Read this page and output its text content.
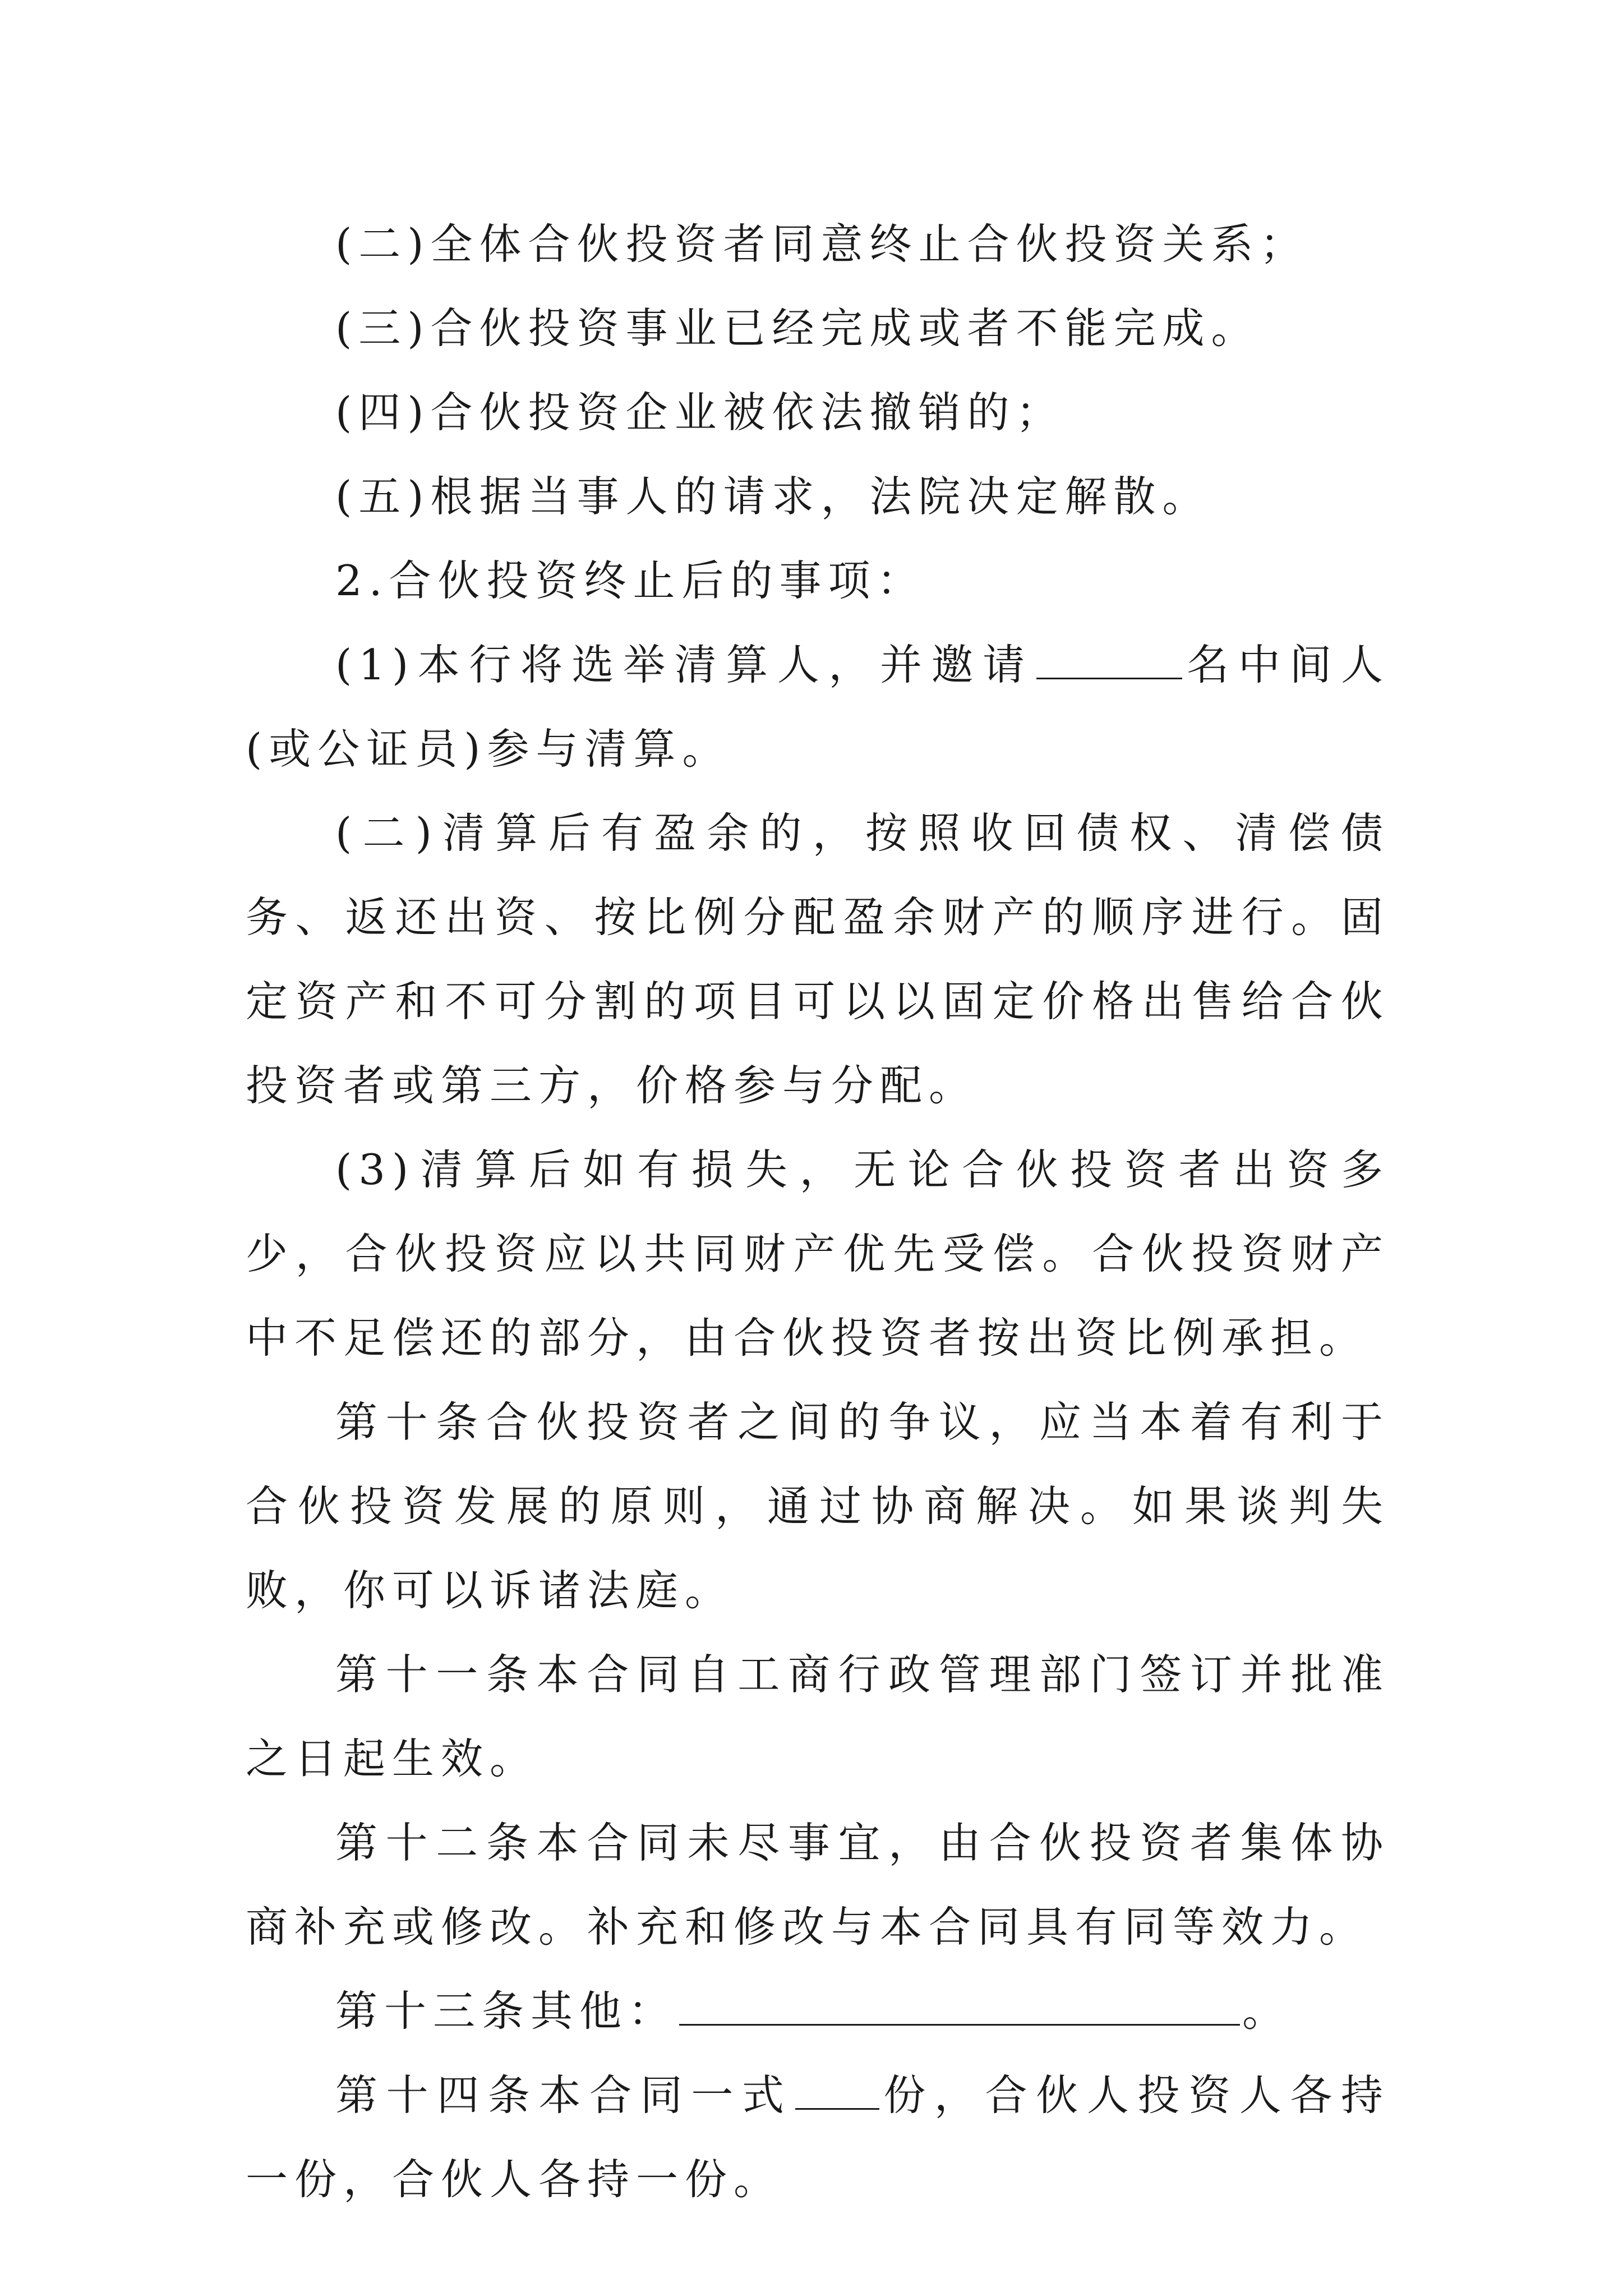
(二)全体合伙投资者同意终止合伙投资关系；

(三)合伙投资事业已经完成或者不能完成。

(四)合伙投资企业被依法撤销的；

(五)根据当事人的请求，法院决定解散。

2.合伙投资终止后的事项：

(1)本行将选举清算人，并邀请	名中间人(或公证员)参与清算。

(二)清算后有盈余的，按照收回债权、清偿债务、返还出资、按比例分配盈余财产的顺序进行。固定资产和不可分割的项目可以以固定价格出售给合伙投资者或第三方，价格参与分配。

(3)清算后如有损失，无论合伙投资者出资多少，合伙投资应以共同财产优先受偿。合伙投资财产中不足偿还的部分，由合伙投资者按出资比例承担。

第十条合伙投资者之间的争议，应当本着有利于合伙投资发展的原则，通过协商解决。如果谈判失败，你可以诉诸法庭。

第十一条本合同自工商行政管理部门签订并批准之日起生效。

第十二条本合同未尽事宜，由合伙投资者集体协商补充或修改。补充和修改与本合同具有同等效力。

第十三条其他：	。

第十四条本合同一式 份，合伙人投资人各持一份，合伙人各持一份。
